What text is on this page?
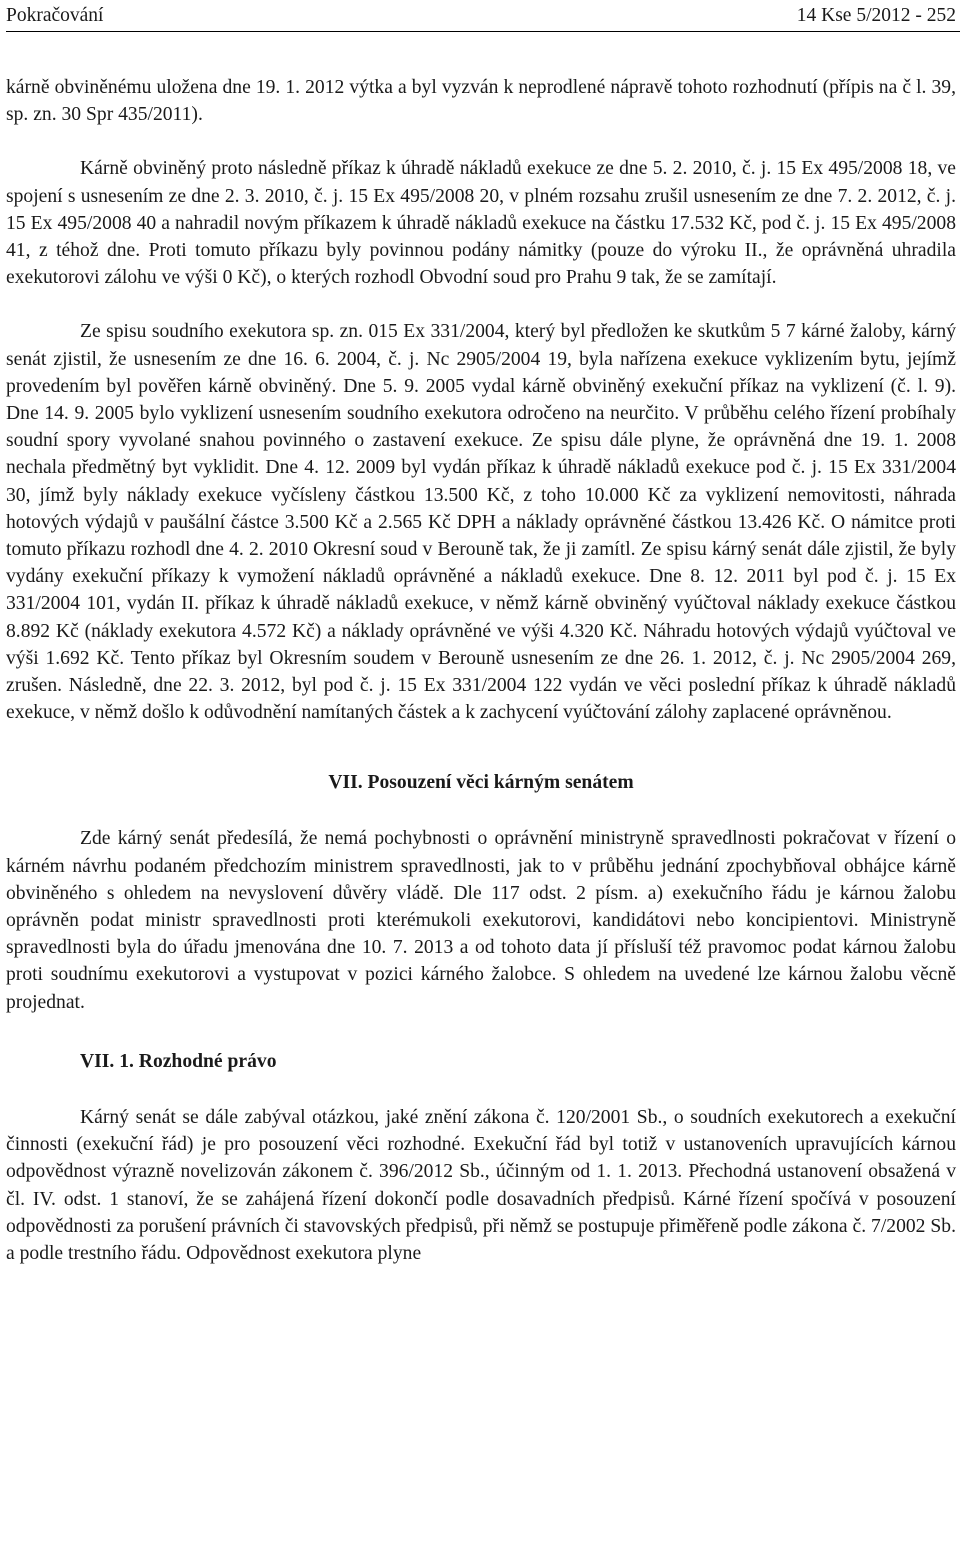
Pokračování	14 Kse 5/2012 - 252

kárně obviněnému uložena dne 19. 1. 2012 výtka a byl vyzván k neprodlené nápravě tohoto rozhodnutí (přípis na č l. 39, sp. zn. 30 Spr 435/2011).

Kárně obviněný proto následně příkaz k úhradě nákladů exekuce ze dne 5. 2. 2010, č. j. 15 Ex 495/2008 18, ve spojení s usnesením ze dne 2. 3. 2010, č. j. 15 Ex 495/2008 20, v plném rozsahu zrušil usnesením ze dne 7. 2. 2012, č. j. 15 Ex 495/2008 40 a nahradil novým příkazem k úhradě nákladů exekuce na částku 17.532 Kč, pod č. j. 15 Ex 495/2008 41, z téhož dne. Proti tomuto příkazu byly povinnou podány námitky (pouze do výroku II., že oprávněná uhradila exekutorovi zálohu ve výši 0 Kč), o kterých rozhodl Obvodní soud pro Prahu 9 tak, že se zamítají.

Ze spisu soudního exekutora sp. zn. 015 Ex 331/2004, který byl předložen ke skutkům 5 7 kárné žaloby, kárný senát zjistil, že usnesením ze dne 16. 6. 2004, č. j. Nc 2905/2004 19, byla nařízena exekuce vyklizením bytu, jejímž provedením byl pověřen kárně obviněný. Dne 5. 9. 2005 vydal kárně obviněný exekuční příkaz na vyklizení (č. l. 9). Dne 14. 9. 2005 bylo vyklizení usnesením soudního exekutora odročeno na neurčito. V průběhu celého řízení probíhaly soudní spory vyvolané snahou povinného o zastavení exekuce. Ze spisu dále plyne, že oprávněná dne 19. 1. 2008 nechala předmětný byt vyklidit. Dne 4. 12. 2009 byl vydán příkaz k úhradě nákladů exekuce pod č. j. 15 Ex 331/2004 30, jímž byly náklady exekuce vyčísleny částkou 13.500 Kč, z toho 10.000 Kč za vyklizení nemovitosti, náhrada hotových výdajů v paušální částce 3.500 Kč a 2.565 Kč DPH a náklady oprávněné částkou 13.426 Kč. O námitce proti tomuto příkazu rozhodl dne 4. 2. 2010 Okresní soud v Berouně tak, že ji zamítl. Ze spisu kárný senát dále zjistil, že byly vydány exekuční příkazy k vymožení nákladů oprávněné a nákladů exekuce. Dne 8. 12. 2011 byl pod č. j. 15 Ex 331/2004 101, vydán II. příkaz k úhradě nákladů exekuce, v němž kárně obviněný vyúčtoval náklady exekuce částkou 8.892 Kč (náklady exekutora 4.572 Kč) a náklady oprávněné ve výši 4.320 Kč. Náhradu hotových výdajů vyúčtoval ve výši 1.692 Kč. Tento příkaz byl Okresním soudem v Berouně usnesením ze dne 26. 1. 2012, č. j. Nc 2905/2004 269, zrušen. Následně, dne 22. 3. 2012, byl pod č. j. 15 Ex 331/2004 122 vydán ve věci poslední příkaz k úhradě nákladů exekuce, v němž došlo k odůvodnění namítaných částek a k zachycení vyúčtování zálohy zaplacené oprávněnou.

VII. Posouzení věci kárným senátem

Zde kárný senát předesílá, že nemá pochybnosti o oprávnění ministryně spravedlnosti pokračovat v řízení o kárném návrhu podaném předchozím ministrem spravedlnosti, jak to v průběhu jednání zpochybňoval obhájce kárně obviněného s ohledem na nevyslovení důvěry vládě. Dle 117 odst. 2 písm. a) exekučního řádu je kárnou žalobu oprávněn podat ministr spravedlnosti proti kterémukoli exekutorovi, kandidátovi nebo koncipientovi. Ministryně spravedlnosti byla do úřadu jmenována dne 10. 7. 2013 a od tohoto data jí přísluší též pravomoc podat kárnou žalobu proti soudnímu exekutorovi a vystupovat v pozici kárného žalobce. S ohledem na uvedené lze kárnou žalobu věcně projednat.

VII. 1. Rozhodné právo

Kárný senát se dále zabýval otázkou, jaké znění zákona č. 120/2001 Sb., o soudních exekutorech a exekuční činnosti (exekuční řád) je pro posouzení věci rozhodné. Exekuční řád byl totiž v ustanoveních upravujících kárnou odpovědnost výrazně novelizován zákonem č. 396/2012 Sb., účinným od 1. 1. 2013. Přechodná ustanovení obsažená v čl. IV. odst. 1 stanoví, že se zahájená řízení dokončí podle dosavadních předpisů. Kárné řízení spočívá v posouzení odpovědnosti za porušení právních či stavovských předpisů, při němž se postupuje přiměřeně podle zákona č. 7/2002 Sb. a podle trestního řádu. Odpovědnost exekutora plyne
